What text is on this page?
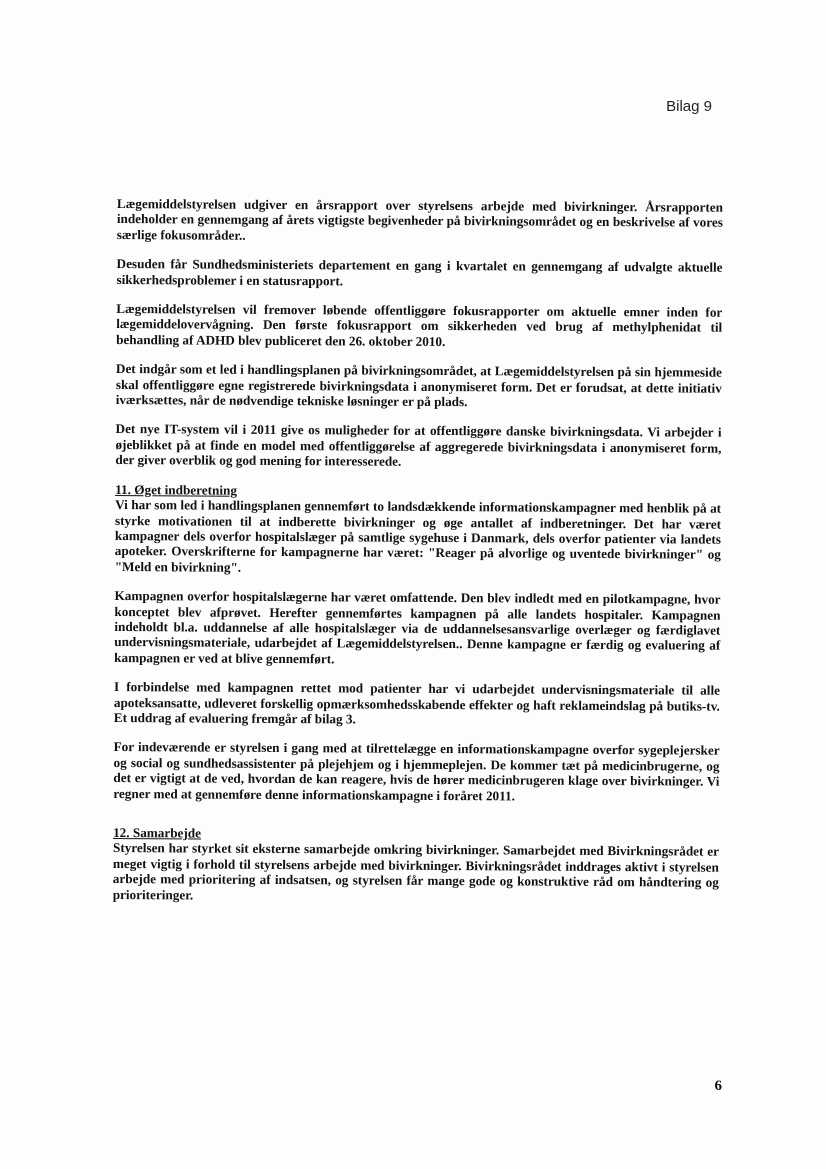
Bilag 9

Lægemiddelstyrelsen udgiver en årsrapport over styrelsens arbejde med bivirkninger. Årsrapporten indeholder en gennemgang af årets vigtigste begivenheder på bivirkningsområdet og en beskrivelse af vores særlige fokusområder..

Desuden får Sundhedsministeriets departement en gang i kvartalet en gennemgang af udvalgte aktuelle sikkerhedsproblemer i en statusrapport.

Lægemiddelstyrelsen vil fremover løbende offentliggøre fokusrapporter om aktuelle emner inden for lægemiddelovervågning. Den første fokusrapport om sikkerheden ved brug af methylphenidat til behandling af ADHD blev publiceret den 26. oktober 2010.

Det indgår som et led i handlingsplanen på bivirkningsområdet, at Lægemiddelstyrelsen på sin hjemmeside skal offentliggøre egne registrerede bivirkningsdata i anonymiseret form. Det er forudsat, at dette initiativ iværksættes, når de nødvendige tekniske løsninger er på plads.

Det nye IT-system vil i 2011 give os muligheder for at offentliggøre danske bivirkningsdata. Vi arbejder i øjeblikket på at finde en model med offentliggørelse af aggregerede bivirkningsdata i anonymiseret form, der giver overblik og god mening for interesserede.

11. Øget indberetning

Vi har som led i handlingsplanen gennemført to landsdækkende informationskampagner med henblik på at styrke motivationen til at indberette bivirkninger og øge antallet af indberetninger. Det har været kampagner dels overfor hospitalslæger på samtlige sygehuse i Danmark, dels overfor patienter via landets apoteker. Overskrifterne for kampagnerne har været: "Reager på alvorlige og uventede bivirkninger" og "Meld en bivirkning".

Kampagnen overfor hospitalslægerne har været omfattende. Den blev indledt med en pilotkampagne, hvor konceptet blev afprøvet. Herefter gennemførtes kampagnen på alle landets hospitaler. Kampagnen indeholdt bl.a. uddannelse af alle hospitalslæger via de uddannelsesansvarlige overlæger og færdiglavet undervisningsmateriale, udarbejdet af Lægemiddelstyrelsen.. Denne kampagne er færdig og evaluering af kampagnen er ved at blive gennemført.

I forbindelse med kampagnen rettet mod patienter har vi udarbejdet undervisningsmateriale til alle apoteksansatte, udleveret forskellig opmærksomhedsskabende effekter og haft reklameindslag på butiks-tv. Et uddrag af evaluering fremgår af bilag 3.

For indeværende er styrelsen i gang med at tilrettelægge en informationskampagne overfor sygeplejersker og social og sundhedsassistenter på plejehjem og i hjemmeplejen. De kommer tæt på medicinbrugerne, og det er vigtigt at de ved, hvordan de kan reagere, hvis de hører medicinbrugeren klage over bivirkninger. Vi regner med at gennemføre denne informationskampagne i foråret 2011.

12. Samarbejde

Styrelsen har styrket sit eksterne samarbejde omkring bivirkninger. Samarbejdet med Bivirkningsrådet er meget vigtig i forhold til styrelsens arbejde med bivirkninger. Bivirkningsrådet inddrages aktivt i styrelsen arbejde med prioritering af indsatsen, og styrelsen får mange gode og konstruktive råd om håndtering og prioriteringer.

6
